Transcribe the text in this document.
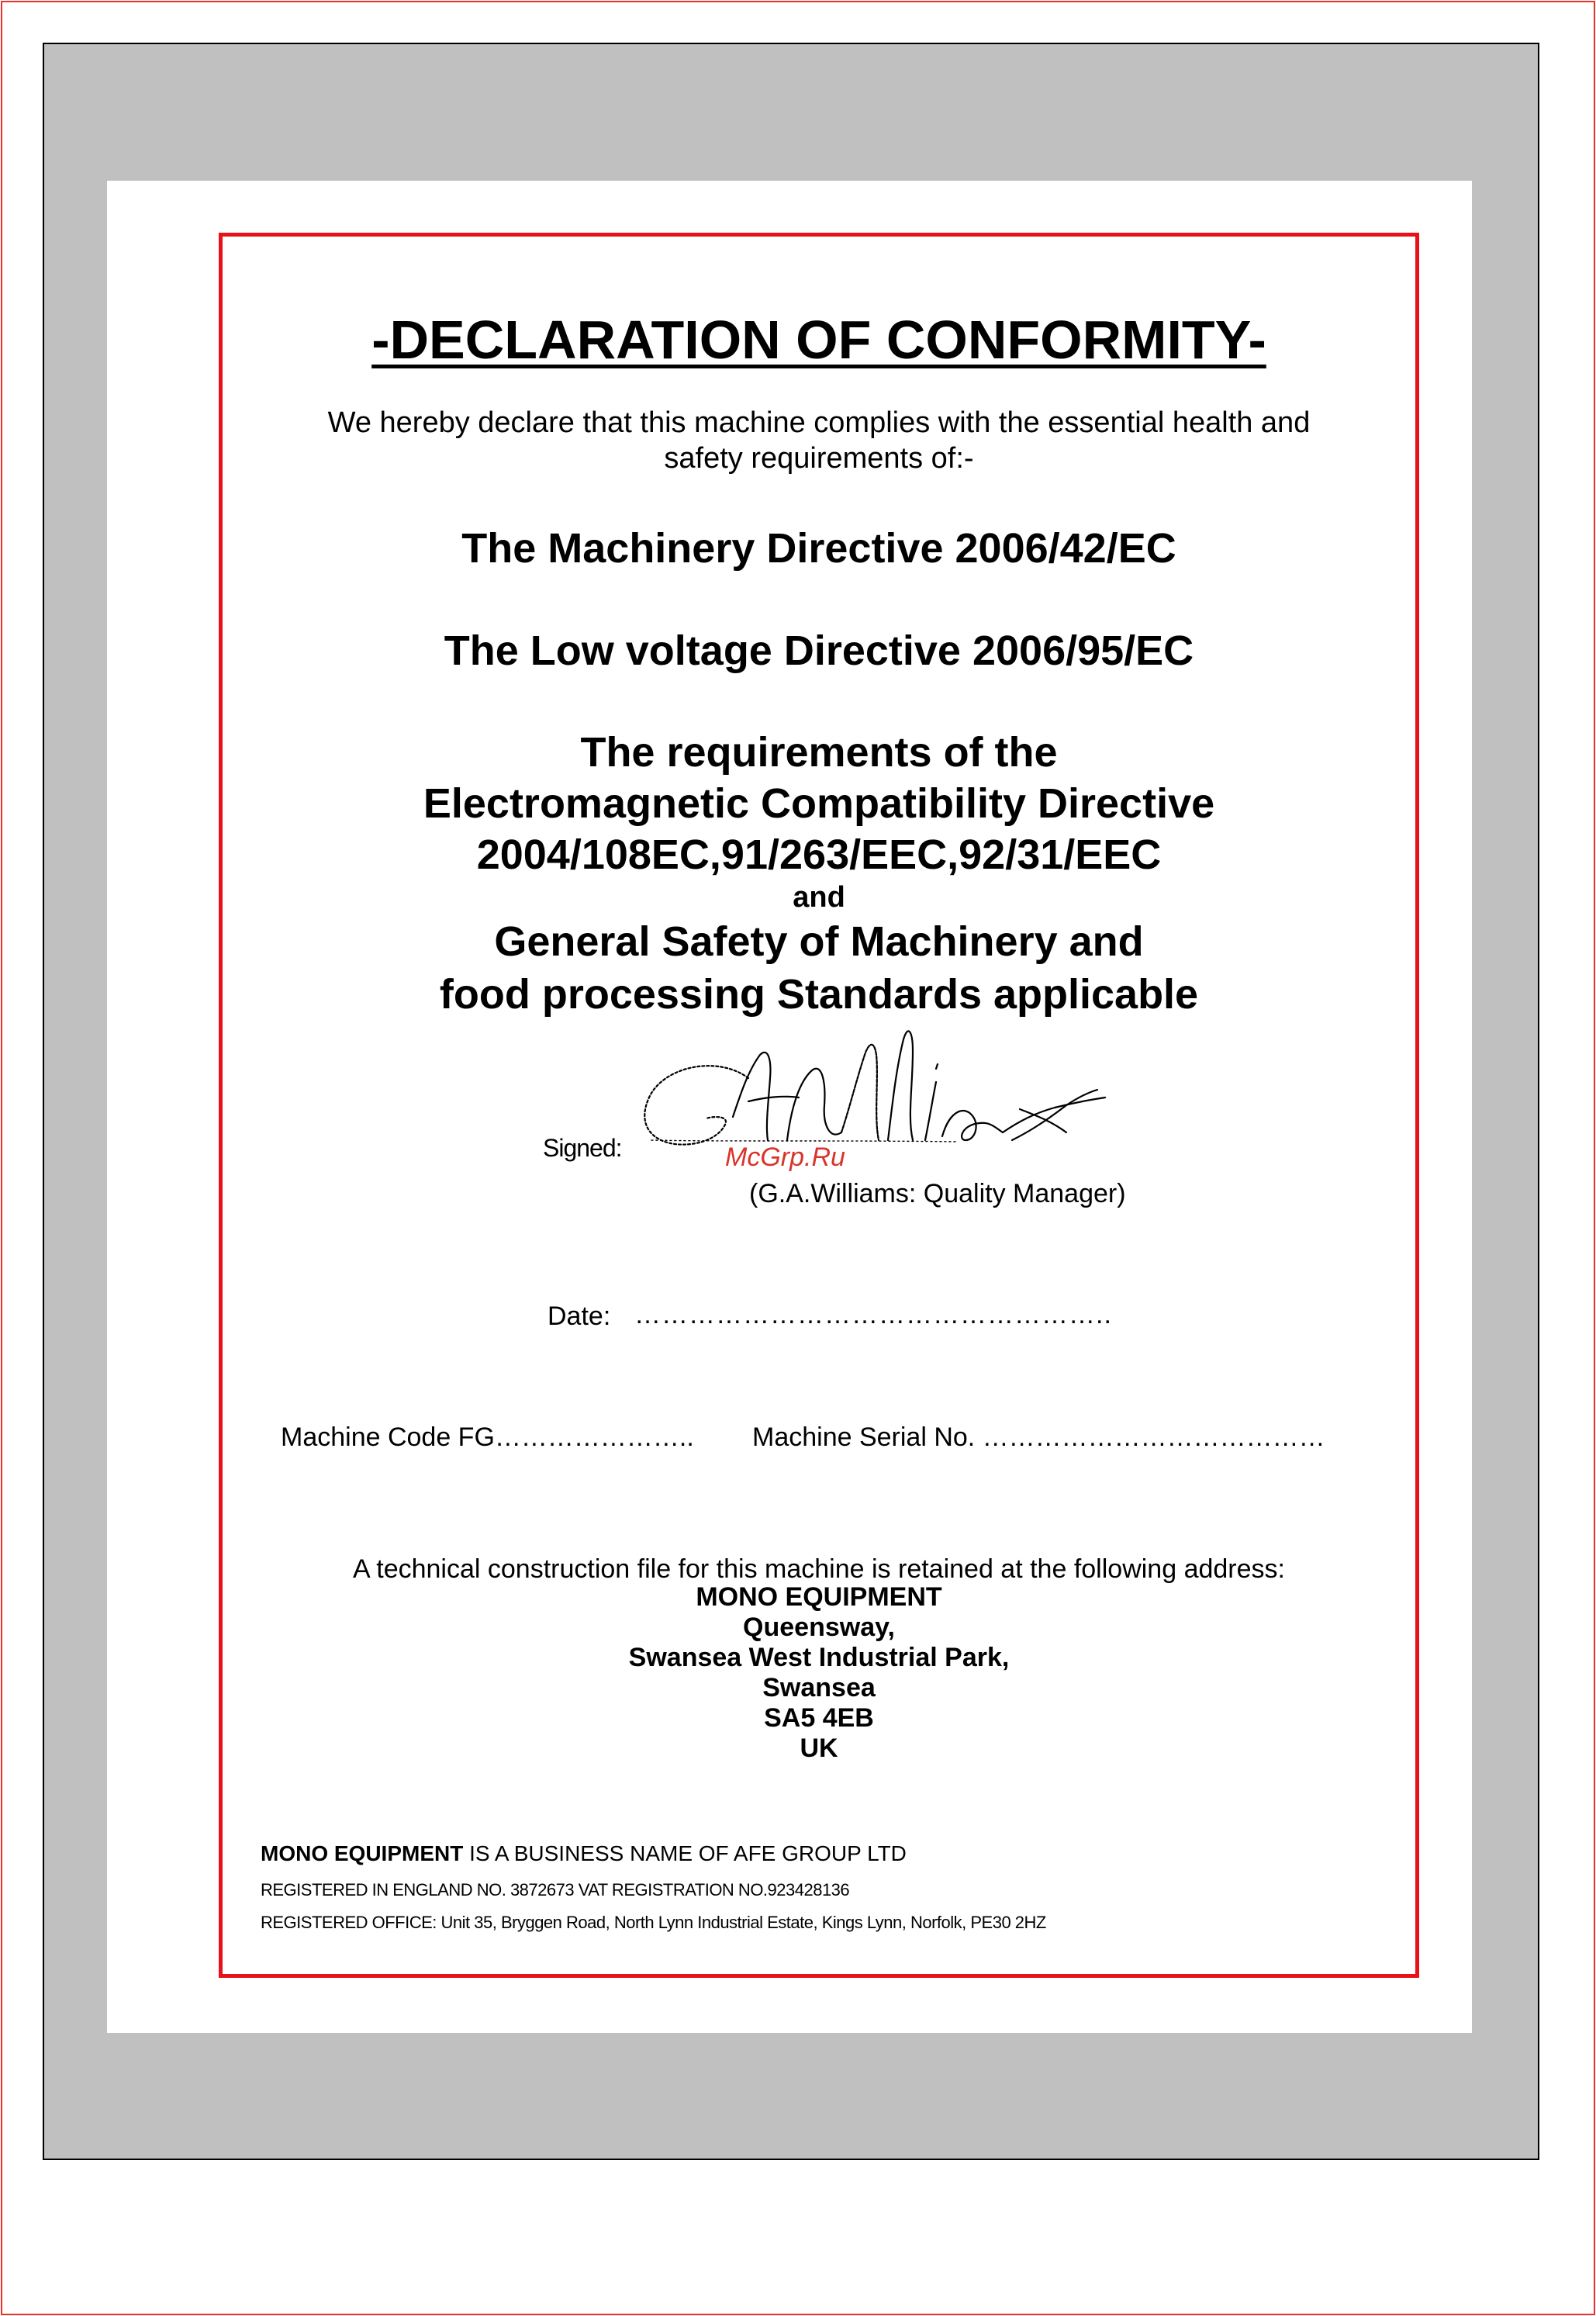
-DECLARATION OF CONFORMITY-
We hereby declare that this machine complies with the essential health and
safety requirements of:-
The Machinery Directive 2006/42/EC
The Low voltage Directive 2006/95/EC
The requirements of the
Electromagnetic Compatibility Directive
2004/108EC,91/263/EEC,92/31/EEC
and
General Safety of Machinery and
food processing Standards applicable
Signed:	McGrp.Ru
(G.A.Williams: Quality Manager)
Date: ……………………………………………..
Machine Code FG………………….. Machine Serial No. …………………………………
A technical construction file for this machine is retained at the following address:
MONO EQUIPMENT
Queensway,
Swansea West Industrial Park,
Swansea
SA5 4EB
UK
MONO EQUIPMENT IS A BUSINESS NAME OF AFE GROUP LTD
REGISTERED IN ENGLAND NO. 3872673 VAT REGISTRATION NO.923428136
REGISTERED OFFICE: Unit 35, Bryggen Road, North Lynn Industrial Estate, Kings Lynn, Norfolk, PE30 2HZ
